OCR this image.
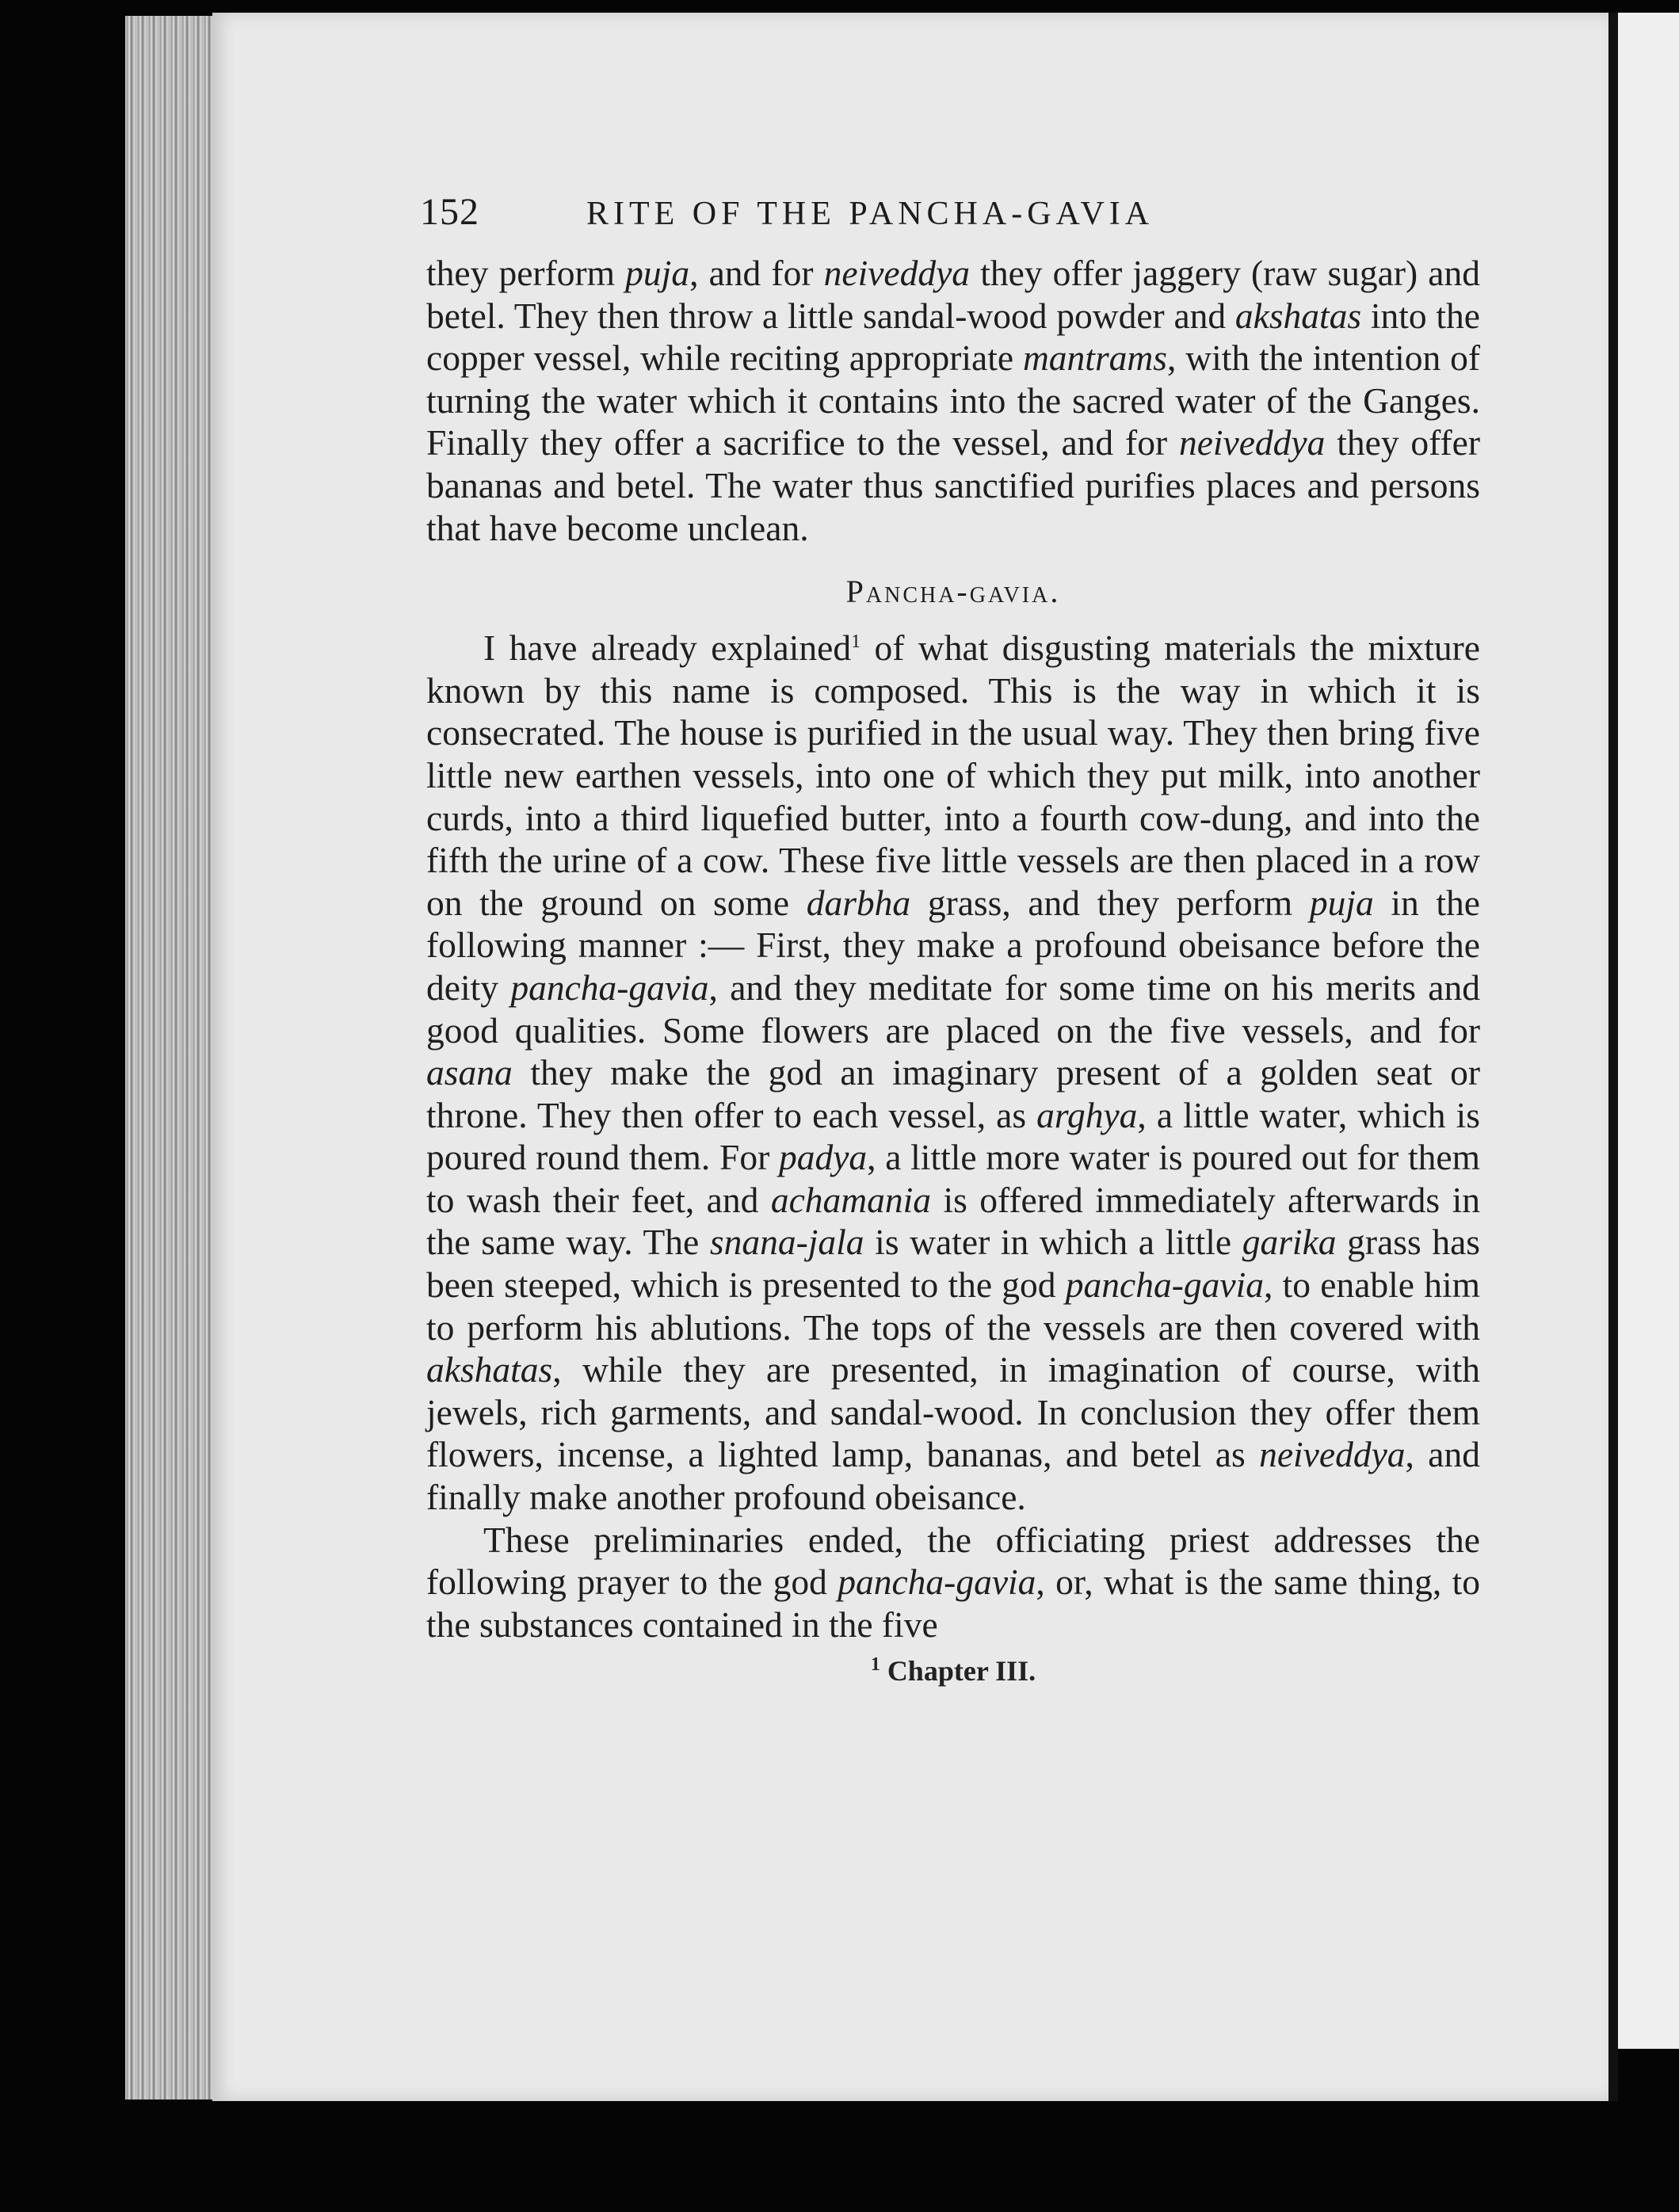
152	RITE OF THE PANCHA-GAVIA

they perform puja, and for neiveddya they offer jaggery (raw sugar) and betel. They then throw a little sandal-wood powder and akshatas into the copper vessel, while reciting appropriate mantrams, with the intention of turning the water which it contains into the sacred water of the Ganges. Finally they offer a sacrifice to the vessel, and for neiveddya they offer bananas and betel. The water thus sanctified purifies places and persons that have become unclean.

Pancha-gavia.

I have already explained$^1$ of what disgusting materials the mixture known by this name is composed. This is the way in which it is consecrated. The house is purified in the usual way. They then bring five little new earthen vessels, into one of which they put milk, into another curds, into a third liquefied butter, into a fourth cow-dung, and into the fifth the urine of a cow. These five little vessels are then placed in a row on the ground on some darbha grass, and they perform puja in the following manner :— First, they make a profound obeisance before the deity pancha-gavia, and they meditate for some time on his merits and good qualities. Some flowers are placed on the five vessels, and for asana they make the god an imaginary present of a golden seat or throne. They then offer to each vessel, as arghya, a little water, which is poured round them. For padya, a little more water is poured out for them to wash their feet, and achamania is offered immediately afterwards in the same way. The snana-jala is water in which a little garika grass has been steeped, which is presented to the god pancha-gavia, to enable him to perform his ablutions. The tops of the vessels are then covered with akshatas, while they are presented, in imagination of course, with jewels, rich garments, and sandal-wood. In conclusion they offer them flowers, incense, a lighted lamp, bananas, and betel as neiveddya, and finally make another profound obeisance.

These preliminaries ended, the officiating priest addresses the following prayer to the god pancha-gavia, or, what is the same thing, to the substances contained in the five

$^1$ Chapter III.
